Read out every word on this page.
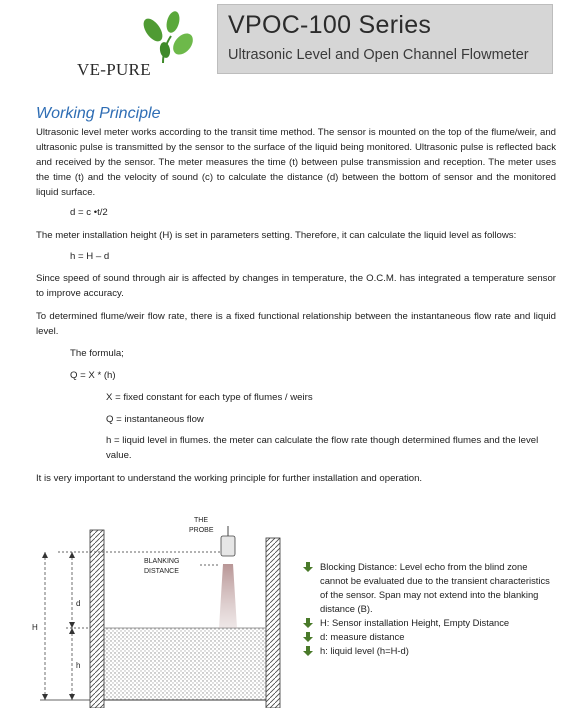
VE-PURE
VPOC-100 Series
Ultrasonic Level and Open Channel Flowmeter
Working Principle
Ultrasonic level meter works according to the transit time method. The sensor is mounted on the top of the flume/weir, and ultrasonic pulse is transmitted by the sensor to the surface of the liquid being monitored. Ultrasonic pulse is reflected back and received by the sensor. The meter measures the time (t) between pulse transmission and reception. The meter uses the time (t) and the velocity of sound (c) to calculate the distance (d) between the bottom of sensor and the monitored liquid surface.
d = c •t/2
The meter installation height (H) is set in parameters setting. Therefore, it can calculate the liquid level as follows:
h = H – d
Since speed of sound through air is affected by changes in temperature, the O.C.M. has integrated a temperature sensor to improve accuracy.
To determined flume/weir flow rate, there is a fixed functional relationship between the instantaneous flow rate and liquid level.
The formula;
Q = X * (h)
X = fixed constant for each type of flumes / weirs
Q = instantaneous flow
h = liquid level in flumes. the meter can calculate the flow rate though determined flumes and the level value.
It is very important to understand the working principle for further installation and operation.
THE
PROBE
BLANKING
DISTANCE
H
d
h
Blocking Distance: Level echo from the blind zone cannot be evaluated due to the transient characteristics of the sensor. Span may not extend into the blanking distance (B).
H: Sensor installation Height, Empty Distance
d: measure distance
h: liquid level (h=H-d)
